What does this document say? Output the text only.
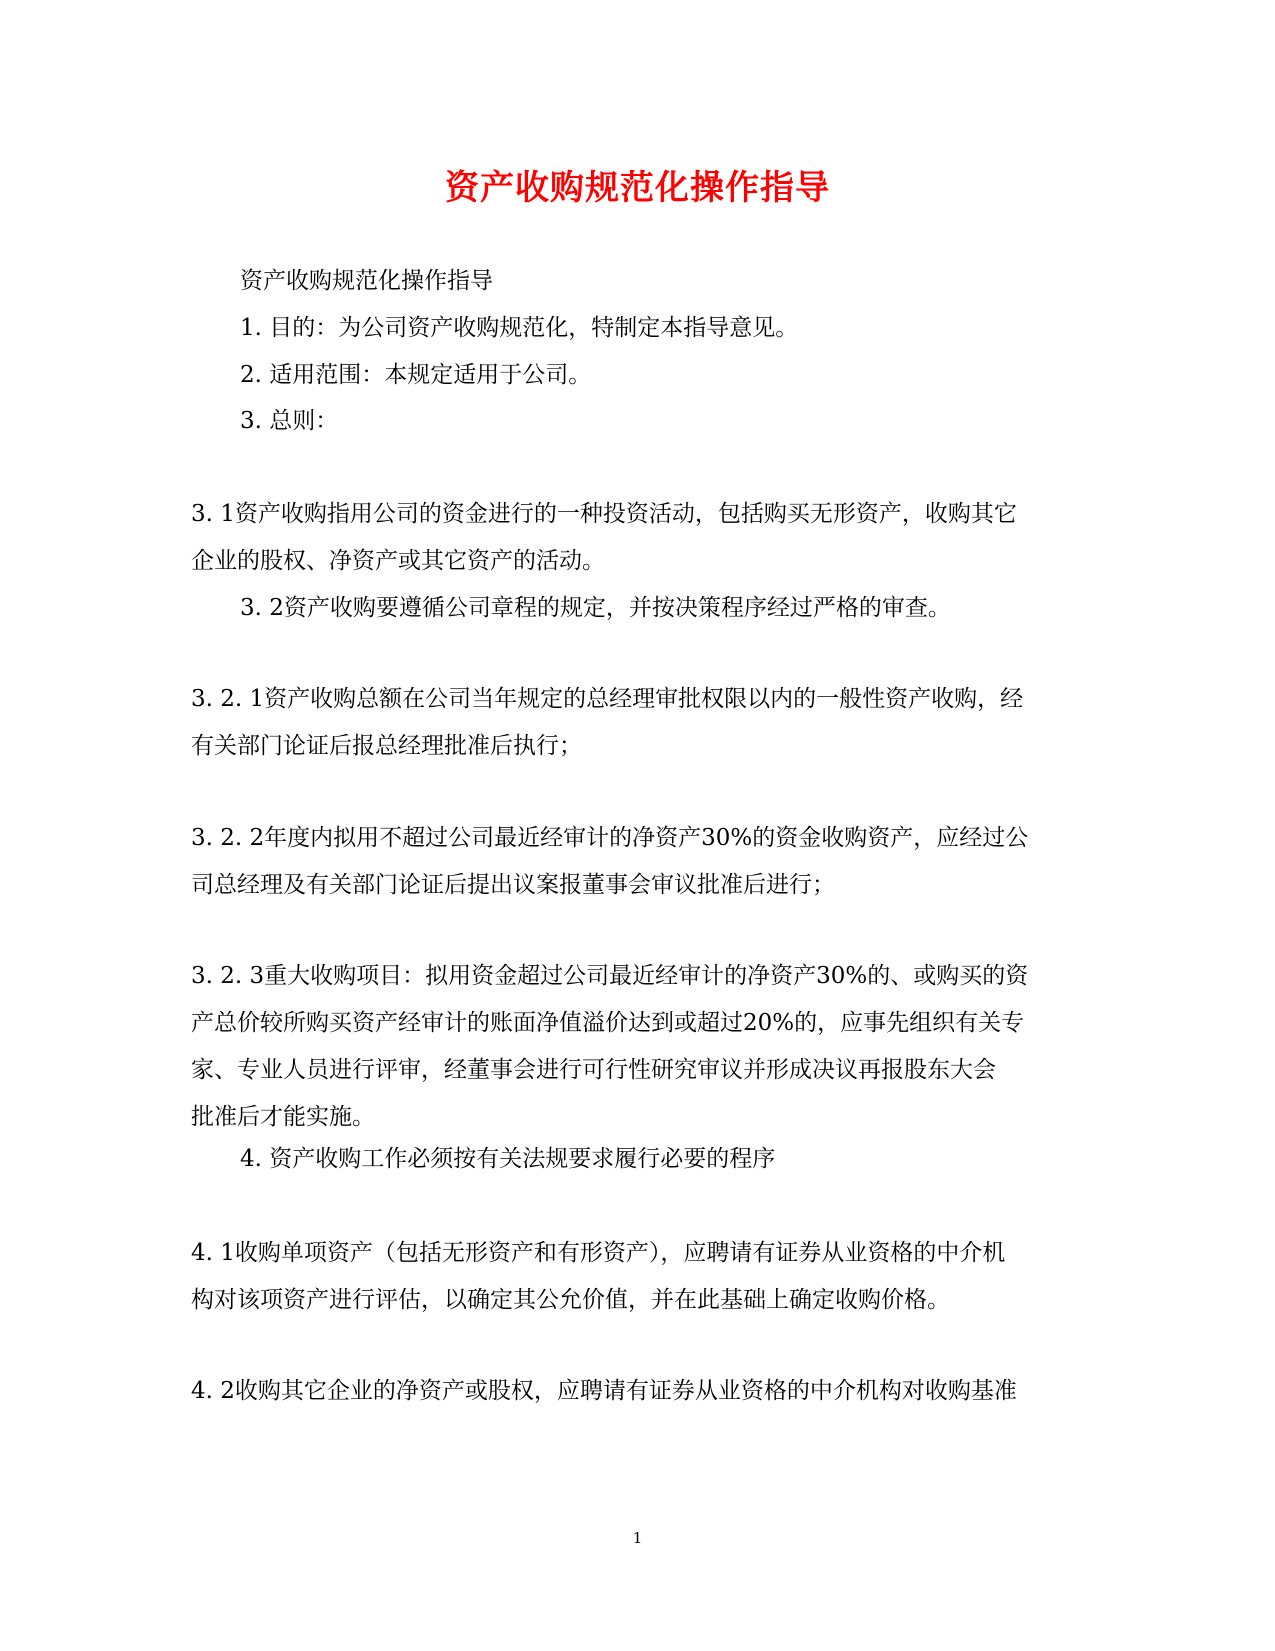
资产收购规范化操作指导

资产收购规范化操作指导

1. 目的：为公司资产收购规范化，特制定本指导意见。

2. 适用范围：本规定适用于公司。

3. 总则：

3. 1资产收购指用公司的资金进行的一种投资活动，包括购买无形资产，收购其它
企业的股权、净资产或其它资产的活动。

3. 2资产收购要遵循公司章程的规定，并按决策程序经过严格的审查。

3. 2. 1资产收购总额在公司当年规定的总经理审批权限以内的一般性资产收购，经
有关部门论证后报总经理批准后执行；

3. 2. 2年度内拟用不超过公司最近经审计的净资产30%的资金收购资产，应经过公
司总经理及有关部门论证后提出议案报董事会审议批准后进行；

3. 2. 3重大收购项目：拟用资金超过公司最近经审计的净资产30%的、或购买的资
产总价较所购买资产经审计的账面净值溢价达到或超过20%的，应事先组织有关专
家、专业人员进行评审，经董事会进行可行性研究审议并形成决议再报股东大会
批准后才能实施。

4. 资产收购工作必须按有关法规要求履行必要的程序

4. 1收购单项资产（包括无形资产和有形资产），应聘请有证券从业资格的中介机
构对该项资产进行评估，以确定其公允价值，并在此基础上确定收购价格。

4. 2收购其它企业的净资产或股权，应聘请有证券从业资格的中介机构对收购基准

1
